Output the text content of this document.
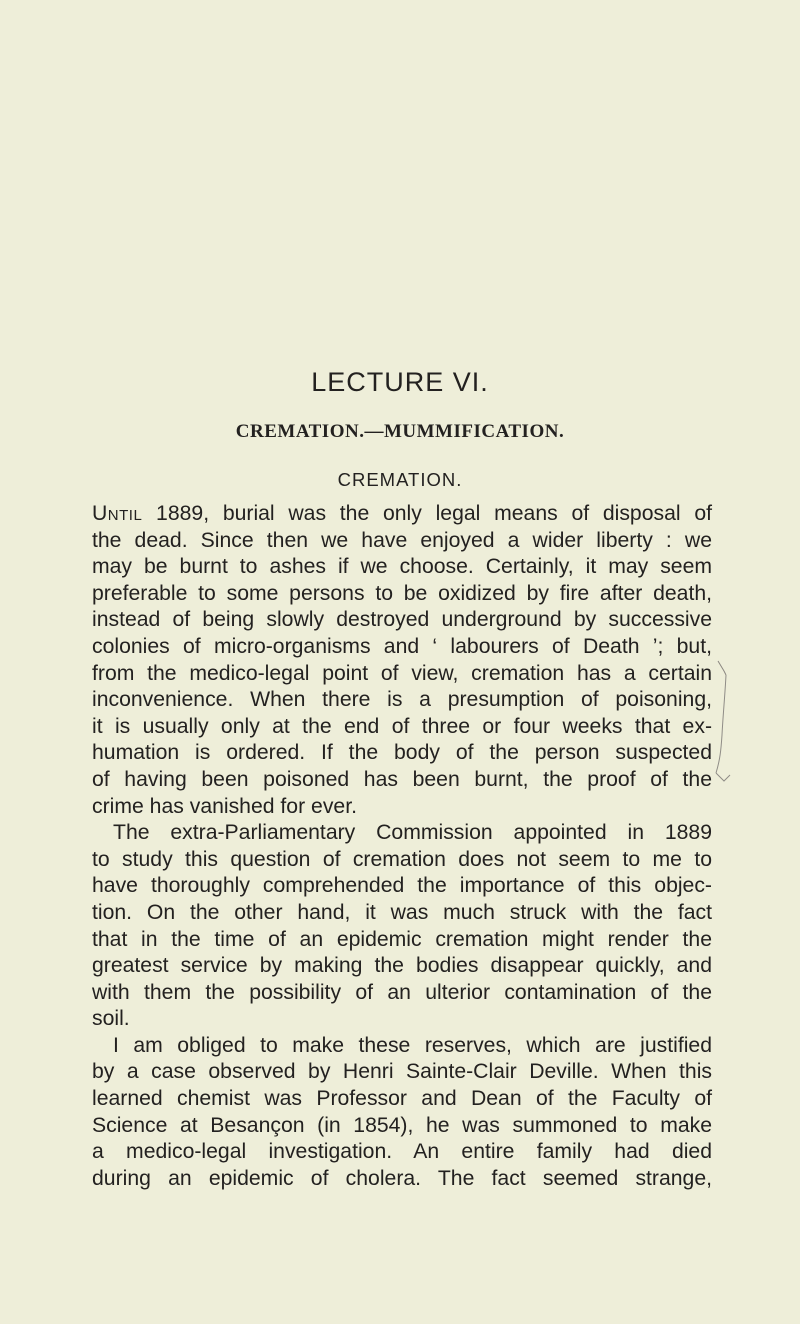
LECTURE VI.
CREMATION.—MUMMIFICATION.
CREMATION.
Until 1889, burial was the only legal means of disposal of
the dead. Since then we have enjoyed a wider liberty : we
may be burnt to ashes if we choose. Certainly, it may seem
preferable to some persons to be oxidized by fire after death,
instead of being slowly destroyed underground by successive
colonies of micro-organisms and ‘ labourers of Death ’; but,
from the medico-legal point of view, cremation has a certain
inconvenience. When there is a presumption of poisoning,
it is usually only at the end of three or four weeks that ex-
humation is ordered. If the body of the person suspected
of having been poisoned has been burnt, the proof of the
crime has vanished for ever.
The extra-Parliamentary Commission appointed in 1889
to study this question of cremation does not seem to me to
have thoroughly comprehended the importance of this objec-
tion. On the other hand, it was much struck with the fact
that in the time of an epidemic cremation might render the
greatest service by making the bodies disappear quickly, and
with them the possibility of an ulterior contamination of the
soil.
I am obliged to make these reserves, which are justified
by a case observed by Henri Sainte-Clair Deville. When this
learned chemist was Professor and Dean of the Faculty of
Science at Besançon (in 1854), he was summoned to make
a medico-legal investigation. An entire family had died
during an epidemic of cholera. The fact seemed strange,
